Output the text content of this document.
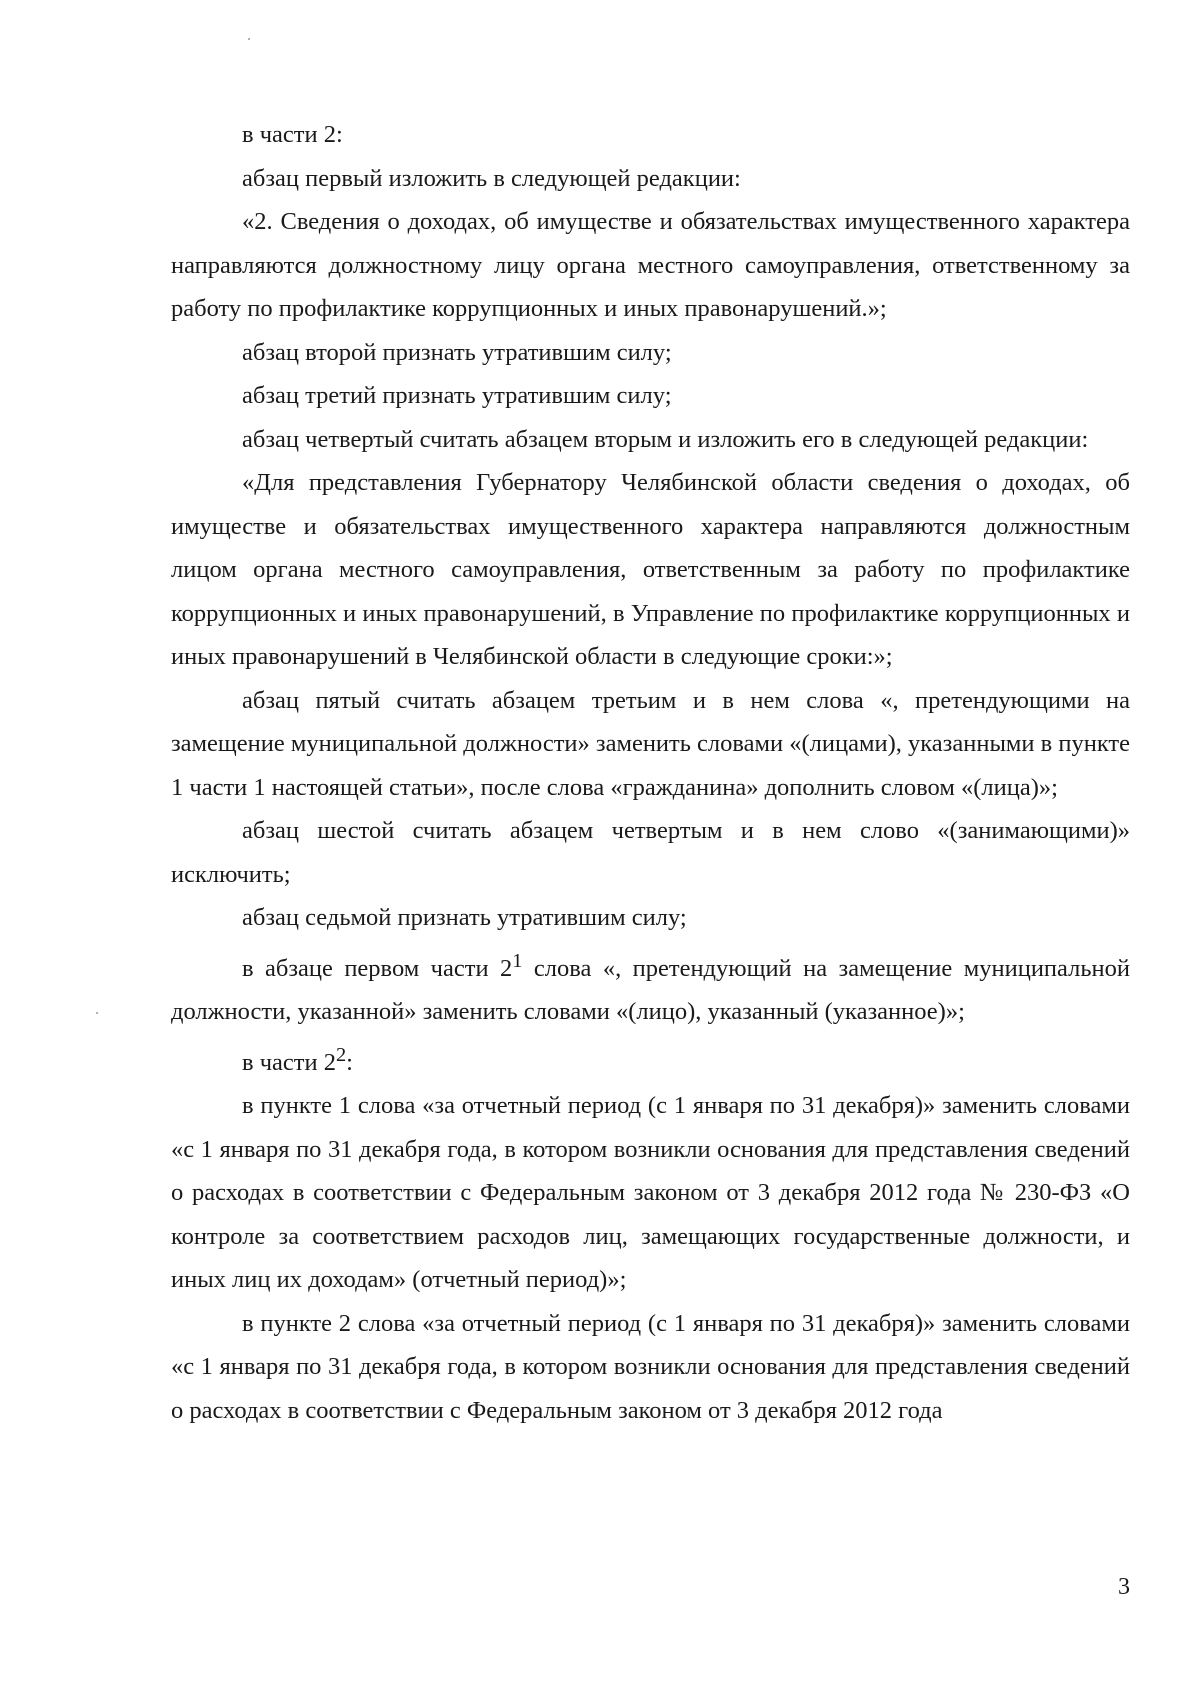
в части 2:

абзац первый изложить в следующей редакции:

«2. Сведения о доходах, об имуществе и обязательствах имущественного характера направляются должностному лицу органа местного самоуправления, ответственному за работу по профилактике коррупционных и иных правонарушений.»;

абзац второй признать утратившим силу;

абзац третий признать утратившим силу;

абзац четвертый считать абзацем вторым и изложить его в следующей редакции:

«Для представления Губернатору Челябинской области сведения о доходах, об имуществе и обязательствах имущественного характера направляются должностным лицом органа местного самоуправления, ответственным за работу по профилактике коррупционных и иных правонарушений, в Управление по профилактике коррупционных и иных правонарушений в Челябинской области в следующие сроки:»;

абзац пятый считать абзацем третьим и в нем слова «, претендующими на замещение муниципальной должности» заменить словами «(лицами), указанными в пункте 1 части 1 настоящей статьи», после слова «гражданина» дополнить словом «(лица)»;

абзац шестой считать абзацем четвертым и в нем слово «(занимающими)» исключить;

абзац седьмой признать утратившим силу;

в абзаце первом части $2^1$ слова «, претендующий на замещение муниципальной должности, указанной» заменить словами «(лицо), указанный (указанное)»;

в части $2^2$:

в пункте 1 слова «за отчетный период (с 1 января по 31 декабря)» заменить словами «с 1 января по 31 декабря года, в котором возникли основания для представления сведений о расходах в соответствии с Федеральным законом от 3 декабря 2012 года № 230-ФЗ «О контроле за соответствием расходов лиц, замещающих государственные должности, и иных лиц их доходам» (отчетный период)»;

в пункте 2 слова «за отчетный период (с 1 января по 31 декабря)» заменить словами «с 1 января по 31 декабря года, в котором возникли основания для представления сведений о расходах в соответствии с Федеральным законом от 3 декабря 2012 года

3
